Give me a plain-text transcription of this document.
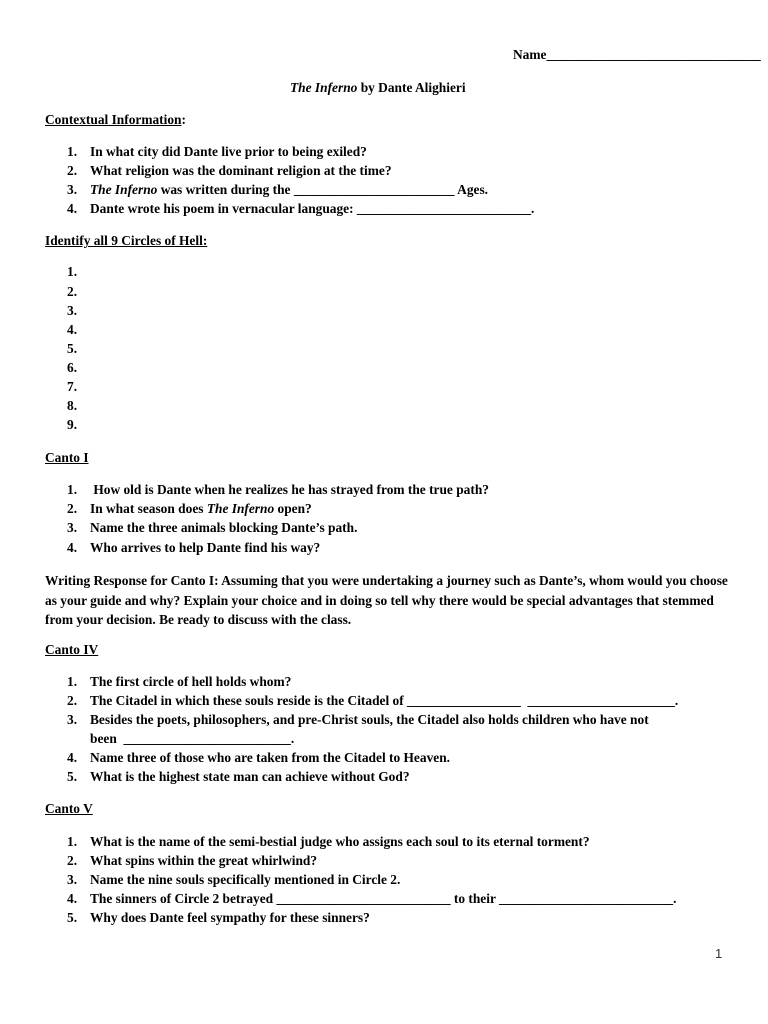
Name________________________________
The Inferno by Dante Alighieri
Contextual Information:
1. In what city did Dante live prior to being exiled?
2. What religion was the dominant religion at the time?
3. The Inferno was written during the ________________________ Ages.
4. Dante wrote his poem in vernacular language: __________________________.
Identify all 9 Circles of Hell:
1.
2.
3.
4.
5.
6.
7.
8.
9.
Canto I
1. How old is Dante when he realizes he has strayed from the true path?
2. In what season does The Inferno open?
3. Name the three animals blocking Dante’s path.
4. Who arrives to help Dante find his way?
Writing Response for Canto I: Assuming that you were undertaking a journey such as Dante’s, whom would you choose as your guide and why? Explain your choice and in doing so tell why there would be special advantages that stemmed from your decision. Be ready to discuss with the class.
Canto IV
1. The first circle of hell holds whom?
2. The Citadel in which these souls reside is the Citadel of _________________  ______________________.
3. Besides the poets, philosophers, and pre-Christ souls, the Citadel also holds children who have not
been  _________________________.
4. Name three of those who are taken from the Citadel to Heaven.
5. What is the highest state man can achieve without God?
Canto V
1. What is the name of the semi-bestial judge who assigns each soul to its eternal torment?
2. What spins within the great whirlwind?
3. Name the nine souls specifically mentioned in Circle 2.
4. The sinners of Circle 2 betrayed __________________________ to their __________________________.
5. Why does Dante feel sympathy for these sinners?
1
